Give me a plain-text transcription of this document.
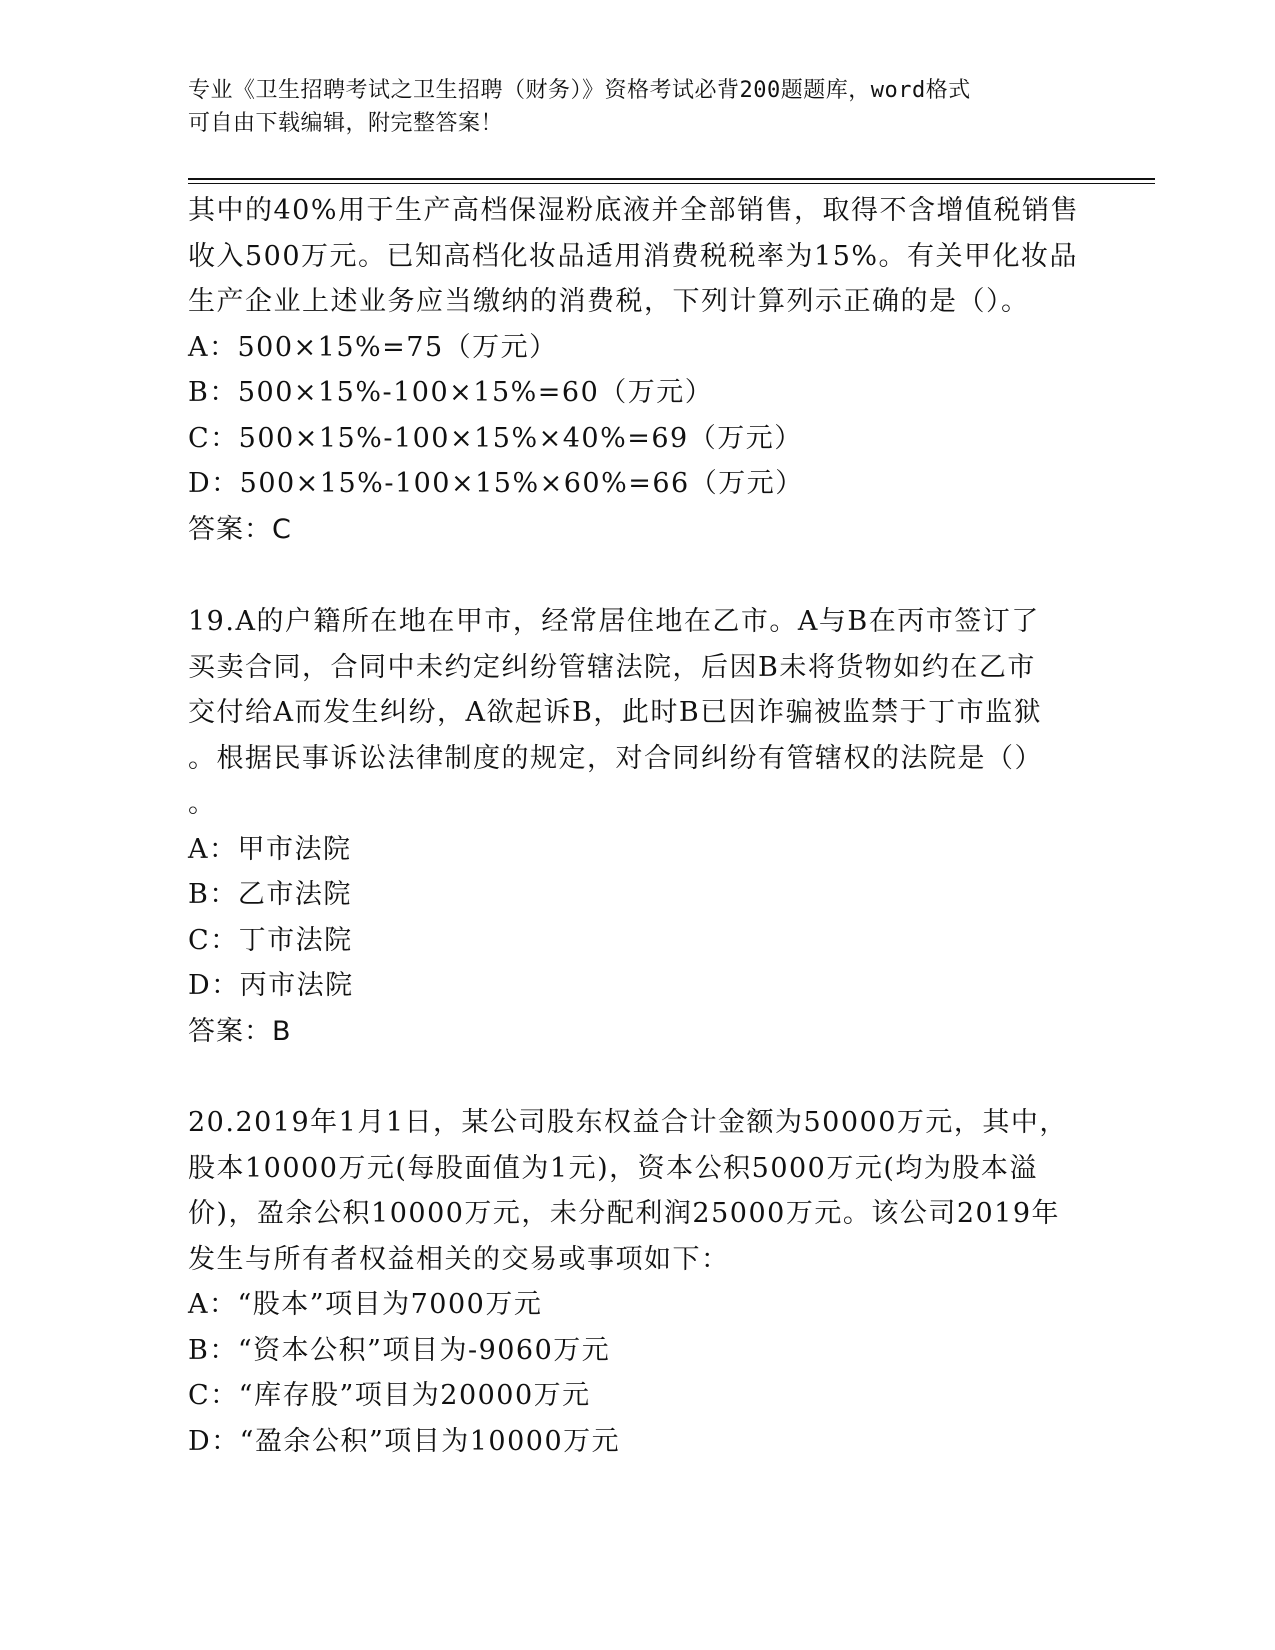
专业《卫生招聘考试之卫生招聘（财务）》资格考试必背200题题库，word格式
可自由下载编辑，附完整答案！

其中的40%用于生产高档保湿粉底液并全部销售，取得不含增值税销售

收入500万元。已知高档化妆品适用消费税税率为15%。有关甲化妆品

生产企业上述业务应当缴纳的消费税，下列计算列示正确的是（）。

A：500×15%=75（万元）

B：500×15%-100×15%=60（万元）

C：500×15%-100×15%×40%=69（万元）

D：500×15%-100×15%×60%=66（万元）

答案：C

19.A的户籍所在地在甲市，经常居住地在乙市。A与B在丙市签订了

买卖合同，合同中未约定纠纷管辖法院，后因B未将货物如约在乙市

交付给A而发生纠纷，A欲起诉B，此时B已因诈骗被监禁于丁市监狱

。根据民事诉讼法律制度的规定，对合同纠纷有管辖权的法院是（）

。

A：甲市法院

B：乙市法院

C：丁市法院

D：丙市法院

答案：B

20.2019年1月1日，某公司股东权益合计金额为50000万元，其中，

股本10000万元(每股面值为1元)，资本公积5000万元(均为股本溢

价)，盈余公积10000万元，未分配利润25000万元。该公司2019年

发生与所有者权益相关的交易或事项如下：

A：“股本”项目为7000万元

B：“资本公积”项目为-9060万元

C：“库存股”项目为20000万元

D：“盈余公积”项目为10000万元
